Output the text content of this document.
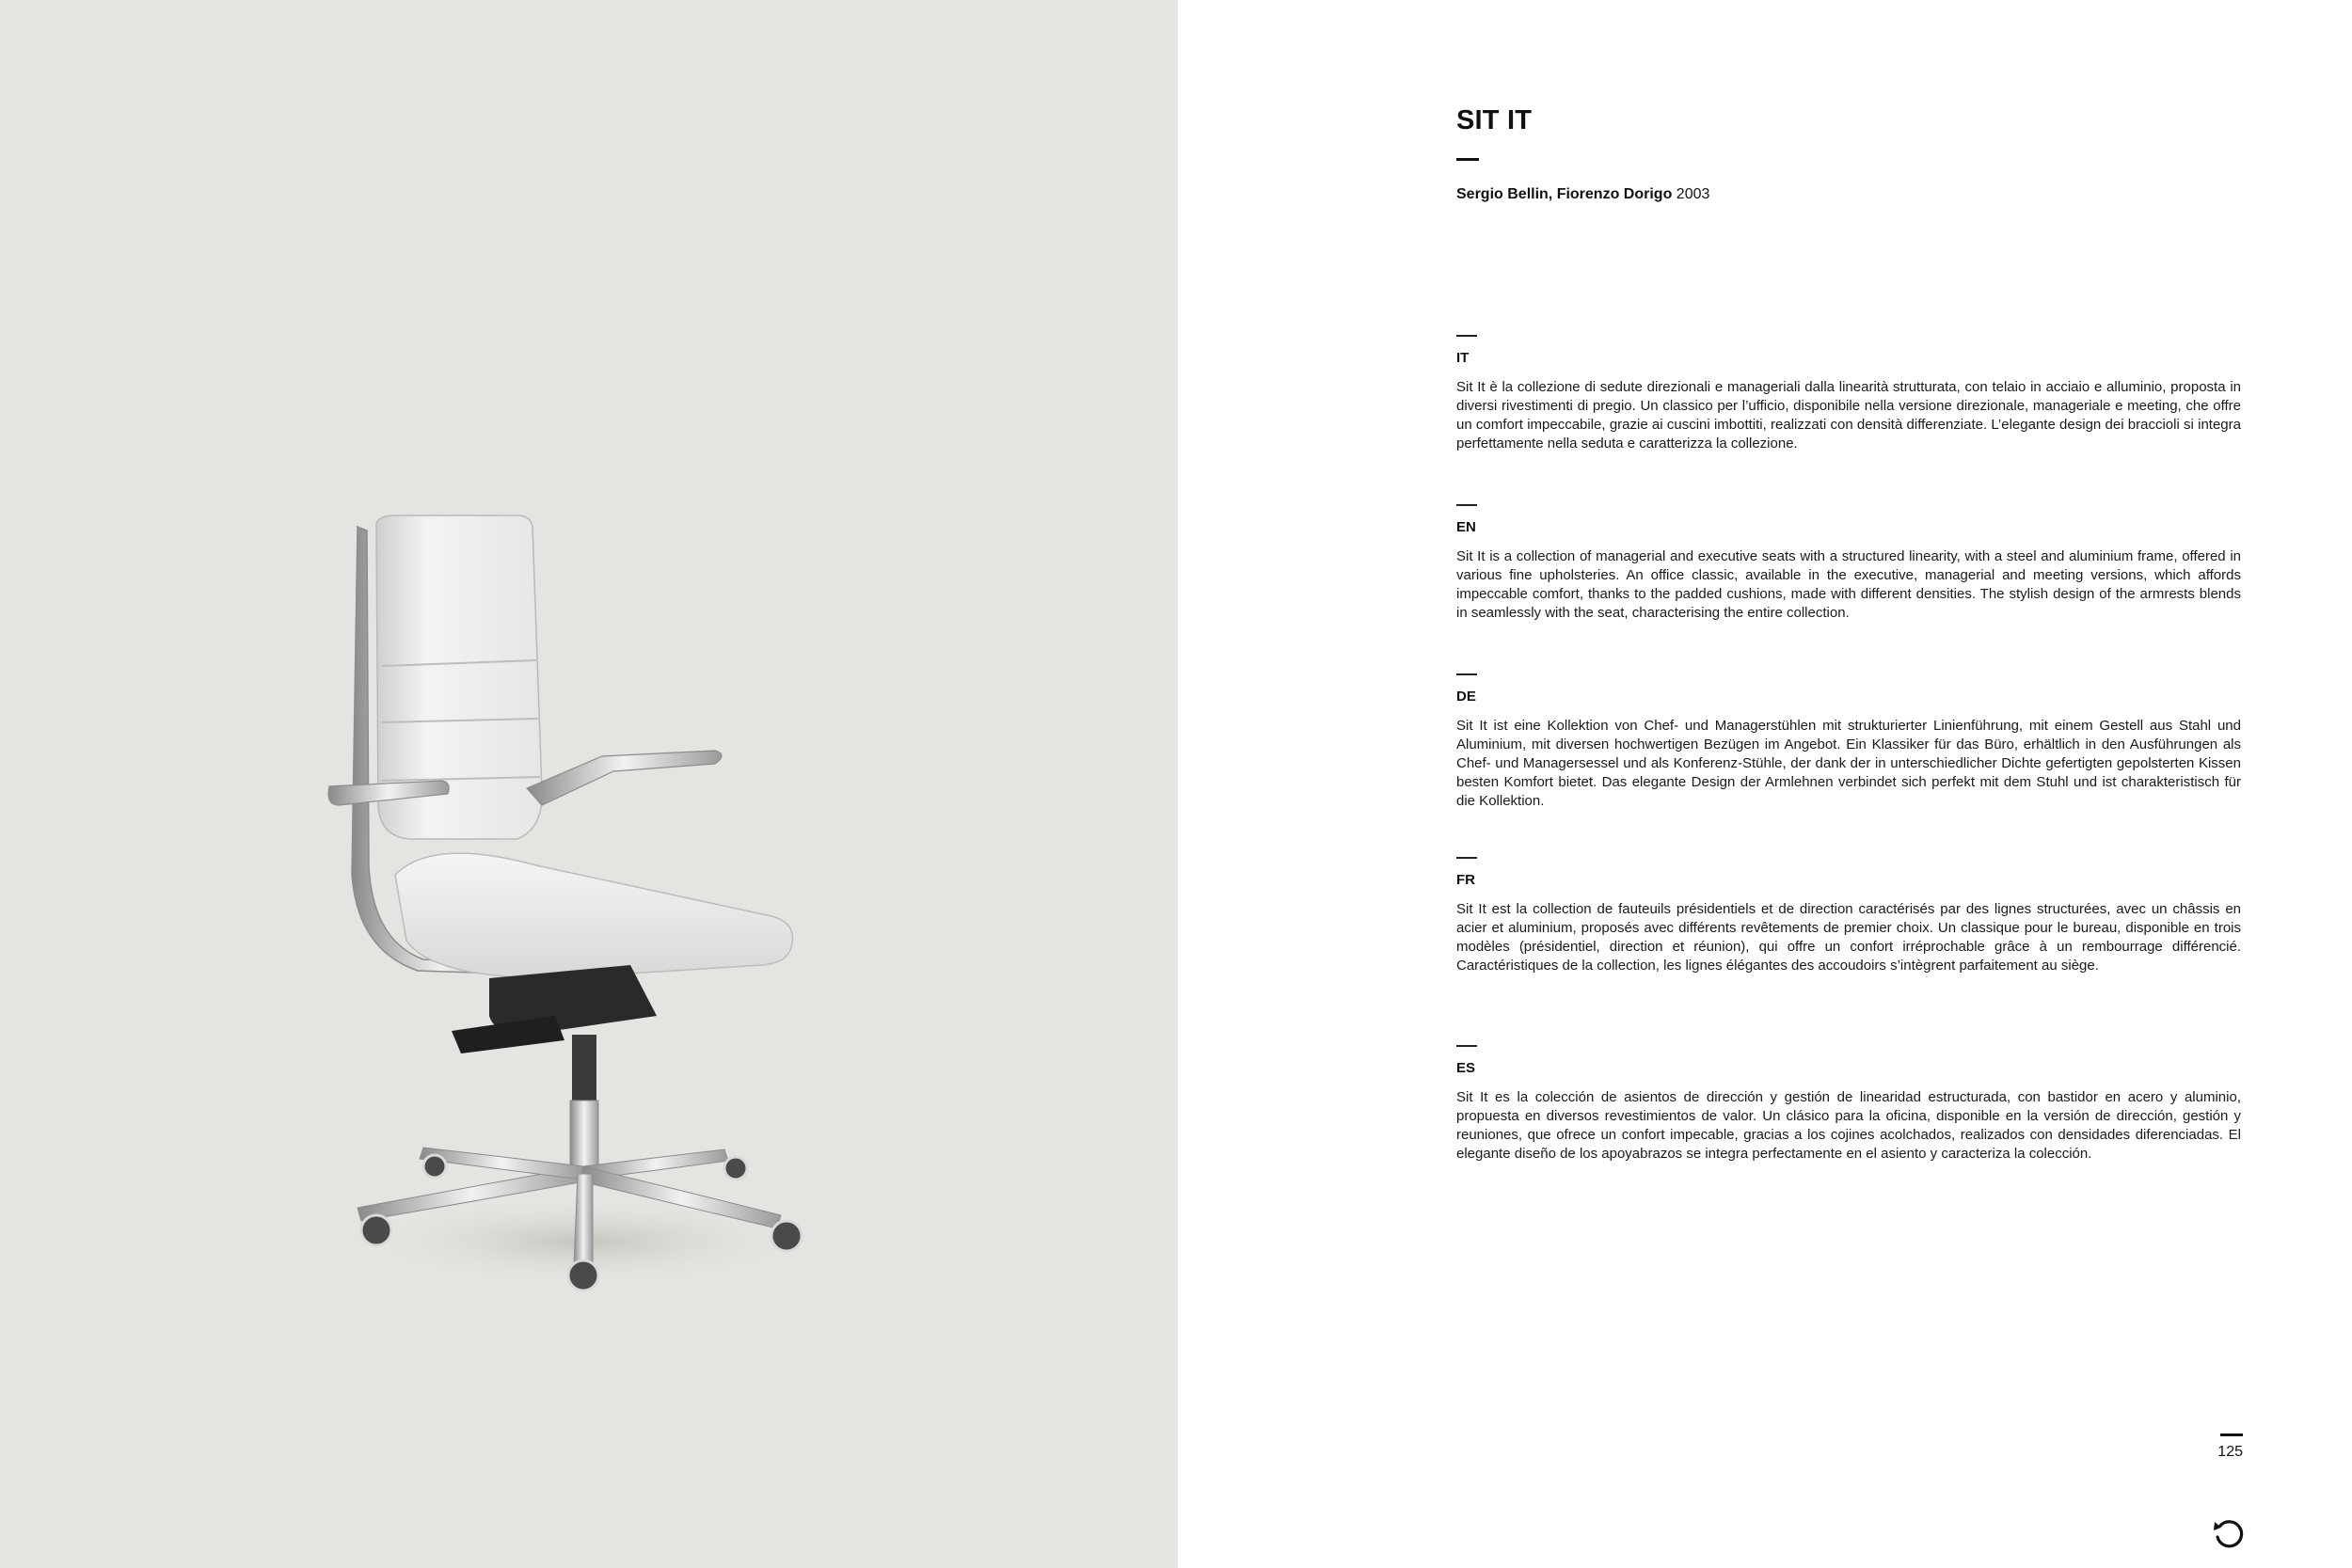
SIT IT
Sergio Bellin, Fiorenzo Dorigo 2003
IT

Sit It è la collezione di sedute direzionali e manageriali dalla linearità strutturata, con telaio in acciaio e alluminio, proposta in diversi rivestimenti di pregio. Un classico per l’ufficio, disponibile nella versione direzionale, manageriale e meeting, che offre un comfort impeccabile, grazie ai cuscini imbottiti, realizzati con densità differenziate. L’elegante design dei braccioli si integra perfettamente nella seduta e caratterizza la collezione.

EN

Sit It is a collection of managerial and executive seats with a structured linearity, with a steel and aluminium frame, offered in various fine upholsteries. An office classic, available in the executive, managerial and meeting versions, which affords impeccable comfort, thanks to the padded cushions, made with different densities. The stylish design of the armrests blends in seamlessly with the seat, characterising the entire collection.

DE

Sit It ist eine Kollektion von Chef- und Managerstühlen mit strukturierter Linienführung, mit einem Gestell aus Stahl und Aluminium, mit diversen hochwertigen Bezügen im Angebot. Ein Klassiker für das Büro, erhältlich in den Ausführungen als Chef- und Managersessel und als Konferenz-Stühle, der dank der in unterschiedlicher Dichte gefertigten gepolsterten Kissen besten Komfort bietet. Das elegante Design der Armlehnen verbindet sich perfekt mit dem Stuhl und ist charakteristisch für die Kollektion.

FR

Sit It est la collection de fauteuils présidentiels et de direction caractérisés par des lignes structurées, avec un châssis en acier et aluminium, proposés avec différents revêtements de premier choix. Un classique pour le bureau, disponible en trois modèles (présidentiel, direction et réunion), qui offre un confort irréprochable grâce à un rembourrage différencié. Caractéristiques de la collection, les lignes élégantes des accoudoirs s’intègrent parfaitement au siège.

ES

Sit It es la colección de asientos de dirección y gestión de linearidad estructurada, con bastidor en acero y aluminio, propuesta en diversos revestimientos de valor. Un clásico para la oficina, disponible en la versión de dirección, gestión y reuniones, que ofrece un confort impecable, gracias a los cojines acolchados, realizados con densidades diferenciadas. El elegante diseño de los apoyabrazos se integra perfectamente en el asiento y caracteriza la colección.

125
